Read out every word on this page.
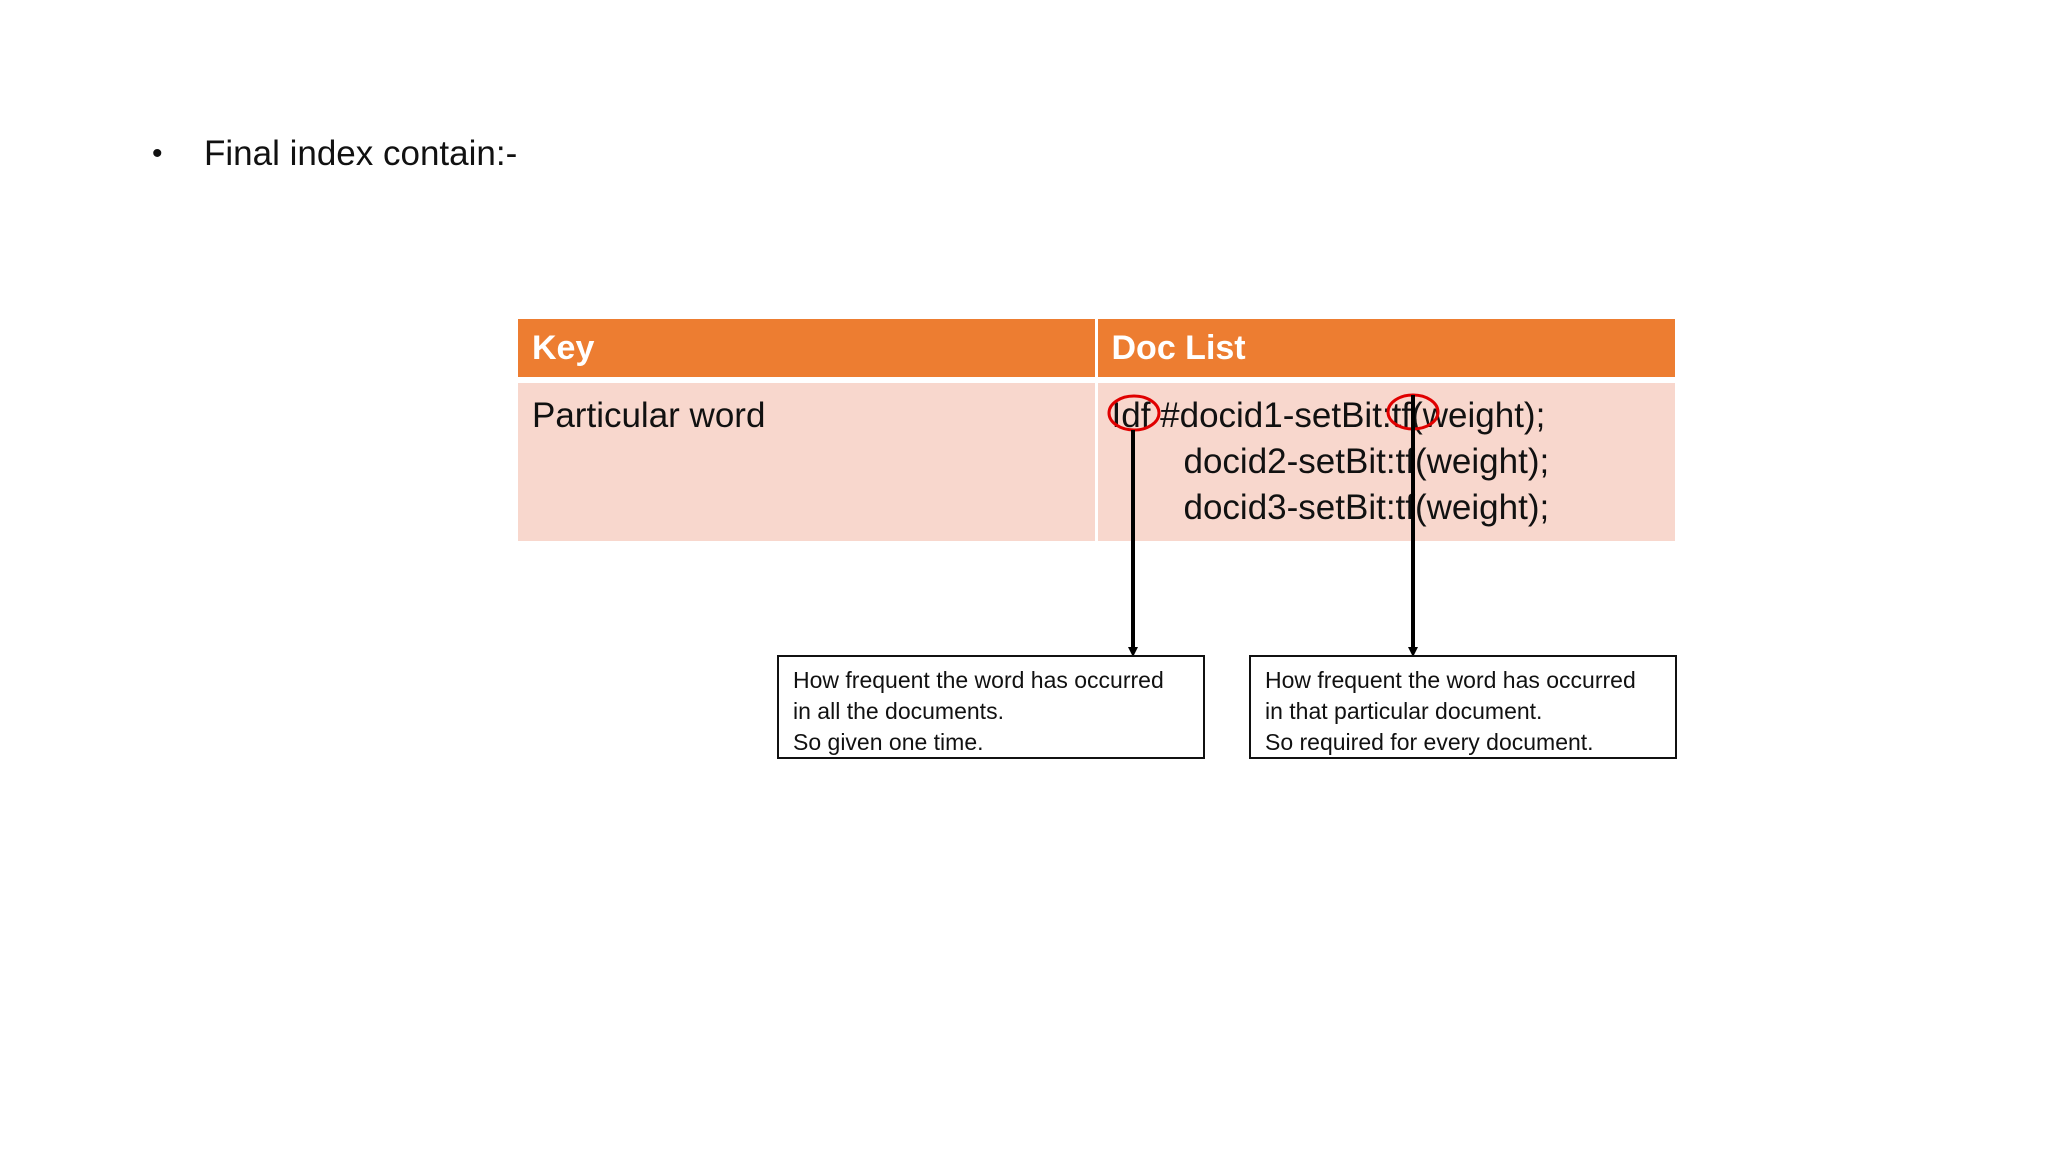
•	Final index contain:-
Key	Doc List
Particular word	Idf #docid1-setBit:tf(weight);
docid2-setBit:tf(weight);
docid3-setBit:tf(weight);
How frequent the word has occurred
in all the documents.
So given one time.
How frequent the word has occurred
in that particular document.
So required for every document.
